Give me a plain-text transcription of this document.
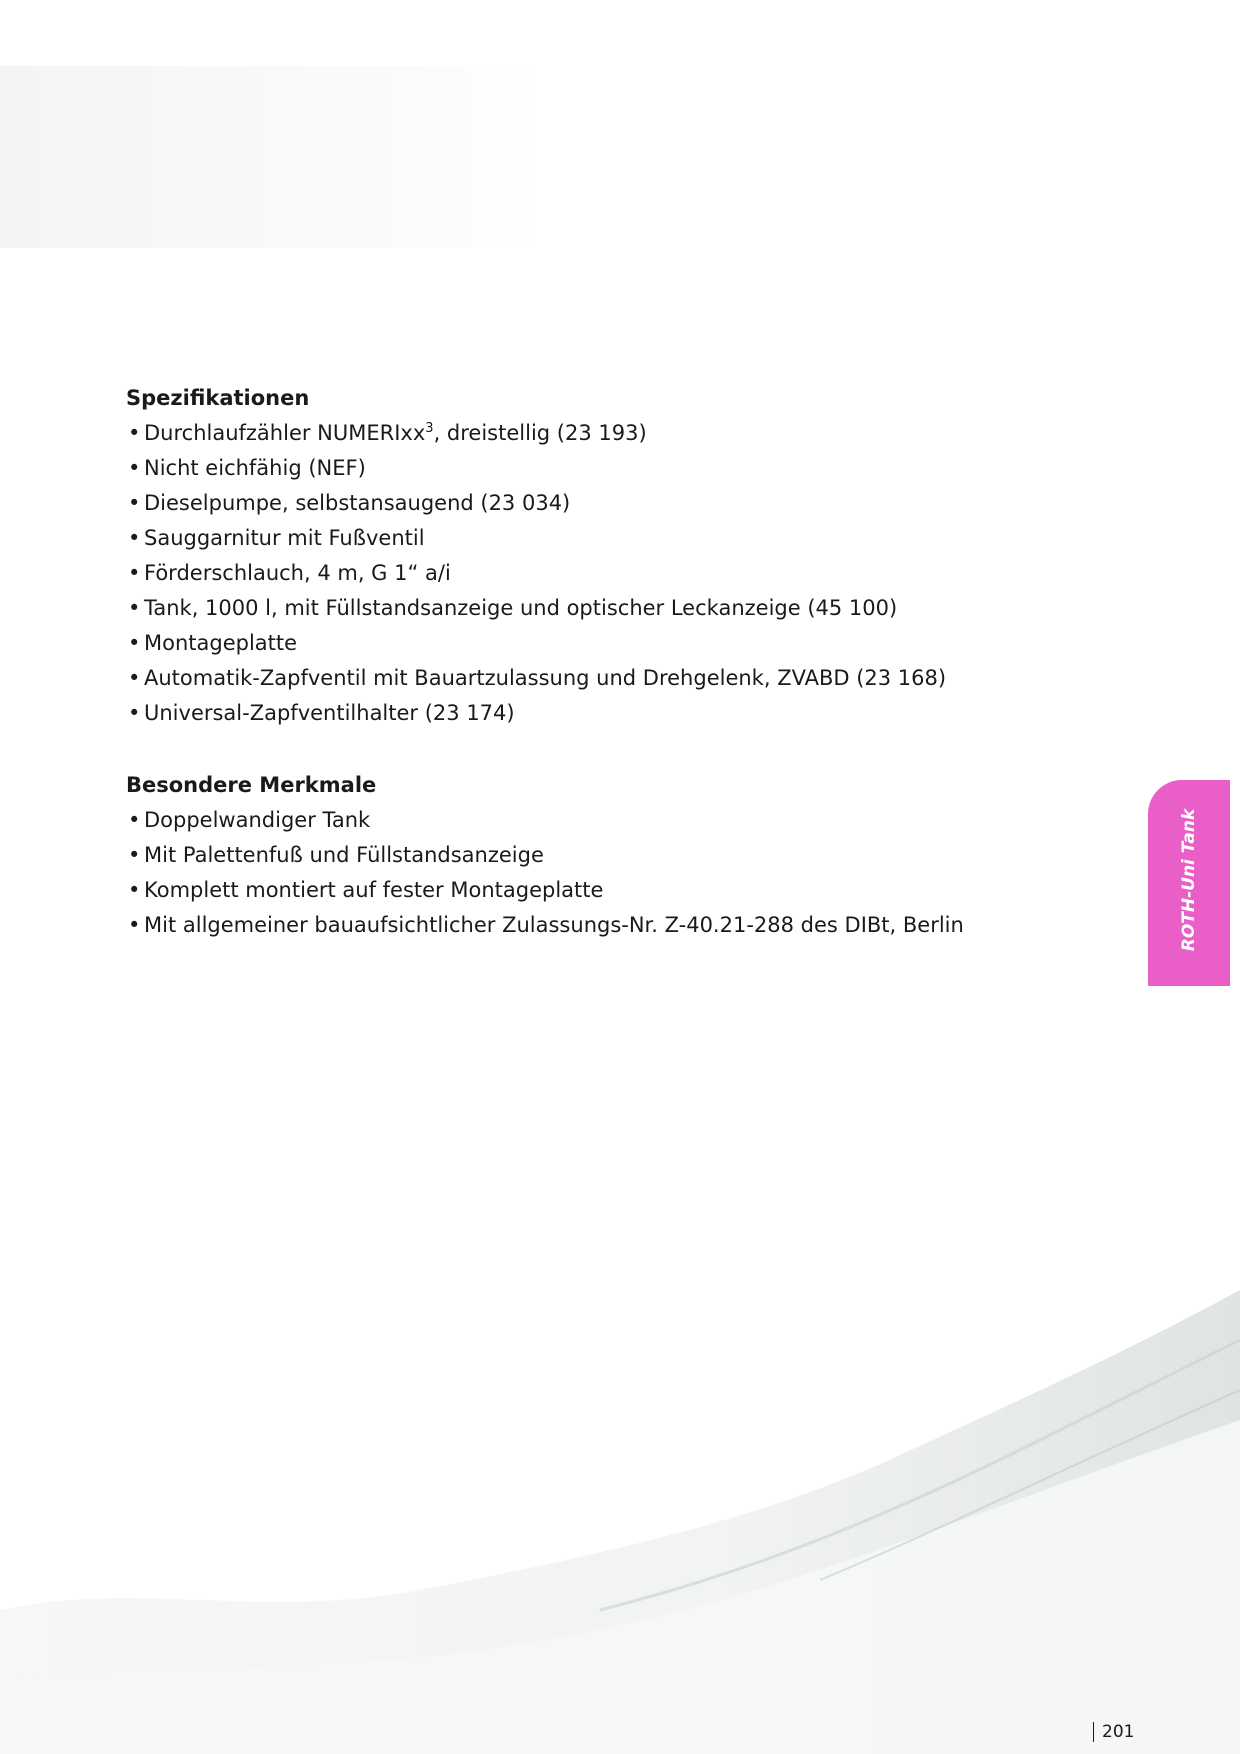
Spezifikationen
• Durchlaufzähler NUMERIxx$^3$, dreistellig (23 193)
• Nicht eichfähig (NEF)
• Dieselpumpe, selbstansaugend (23 034)
• Sauggarnitur mit Fußventil
• Förderschlauch, 4 m, G 1“ a/i
• Tank, 1000 l, mit Füllstandsanzeige und optischer Leckanzeige (45 100)
• Montageplatte
• Automatik-Zapfventil mit Bauartzulassung und Drehgelenk, ZVABD (23 168)
• Universal-Zapfventilhalter (23 174)
Besondere Merkmale
• Doppelwandiger Tank
• Mit Palettenfuß und Füllstandsanzeige
• Komplett montiert auf fester Montageplatte
• Mit allgemeiner bauaufsichtlicher Zulassungs-Nr. Z-40.21-288 des DIBt, Berlin	ROTH-Uni Tank
201
